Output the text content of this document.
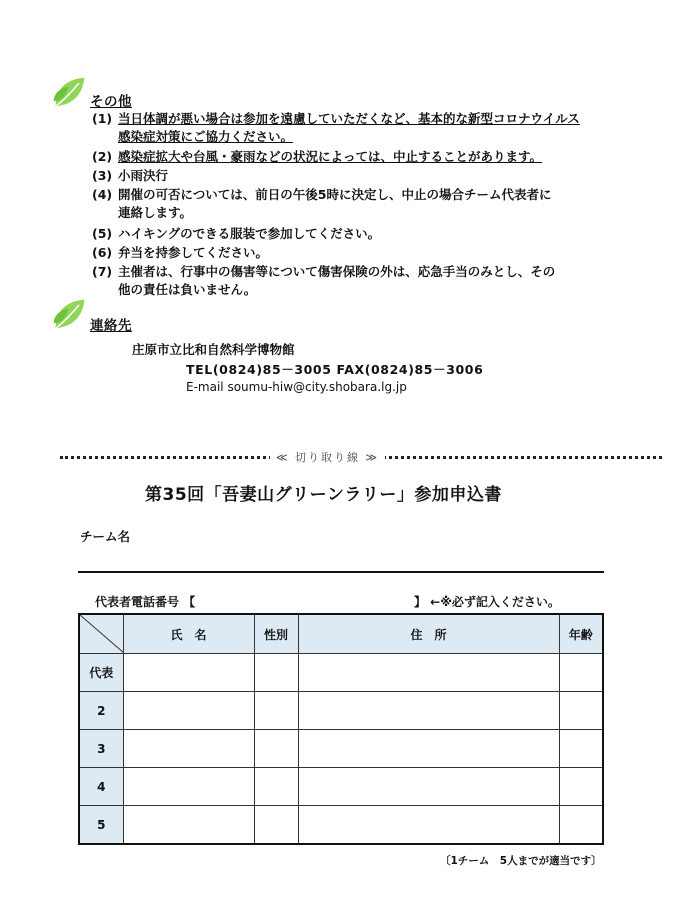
その他
(1) 当日体調が悪い場合は参加を遠慮していただくなど、基本的な新型コロナウイルス
感染症対策にご協力ください。
(2) 感染症拡大や台風・豪雨などの状況によっては、中止することがあります。
(3) 小雨決行
(4) 開催の可否については、前日の午後5時に決定し、中止の場合チーム代表者に
連絡します。
(5) ハイキングのできる服装で参加してください。
(6) 弁当を持参してください。
(7) 主催者は、行事中の傷害等について傷害保険の外は、応急手当のみとし、その
他の責任は負いません。
連絡先
庄原市立比和自然科学博物館
TEL(0824)85－3005 FAX(0824)85－3006
E-mail soumu-hiw@city.shobara.lg.jp
≪ 切り取り線 ≫
第35回「吾妻山グリーンラリー」参加申込書
チーム名
代表者電話番号 【	】 ←※必ず記入ください。
	氏　名	性別	住　所	年齢
代表				
2				
3				
4				
5				
〔1チーム　5人までが適当です〕
